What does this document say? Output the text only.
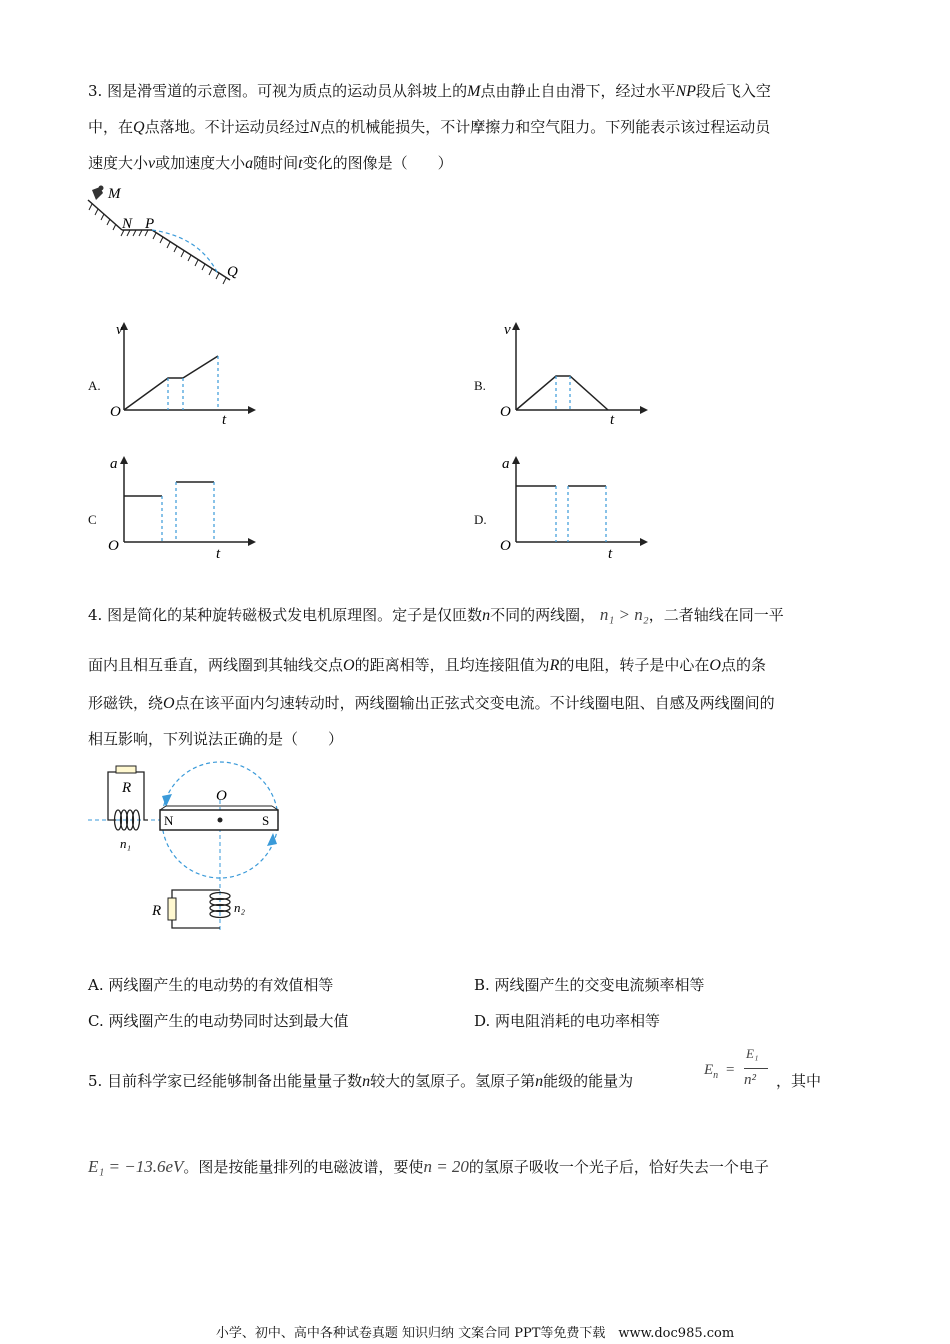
3. 图是滑雪道的示意图。可视为质点的运动员从斜坡上的M点由静止自由滑下，经过水平NP段后飞入空

中，在Q点落地。不计运动员经过N点的机械能损失，不计摩擦力和空气阻力。下列能表示该过程运动员

速度大小v或加速度大小a随时间t变化的图像是（　　）

M
N P
Q
A.
v
t
O
B.
v
t
O
C
a
t
O
D.
a
t
O

4. 图是简化的某种旋转磁极式发电机原理图。定子是仅匝数n不同的两线圈， n₁ > n₂，二者轴线在同一平

面内且相互垂直，两线圈到其轴线交点O的距离相等，且均连接阻值为R的电阻，转子是中心在O点的条

形磁铁，绕O点在该平面内匀速转动时，两线圈输出正弦式交变电流。不计线圈电阻、自感及两线圈间的

相互影响，下列说法正确的是（　　）

N	S
O
R
n₁
R	n₂
A. 两线圈产生的电动势的有效值相等	B. 两线圈产生的交变电流频率相等
C. 两线圈产生的电动势同时达到最大值	D. 两电阻消耗的电功率相等

5. 目前科学家已经能够制备出能量量子数n较大的氢原子。氢原子第n能级的能量为

$E_n$ =
E₁
n² ，其中

E₁ = −13.6eV。图是按能量排列的电磁波谱，要使n = 20的氢原子吸收一个光子后，恰好失去一个电子

小学、初中、高中各种试卷真题 知识归纳 文案合同 PPT等免费下载　www.doc985.com
